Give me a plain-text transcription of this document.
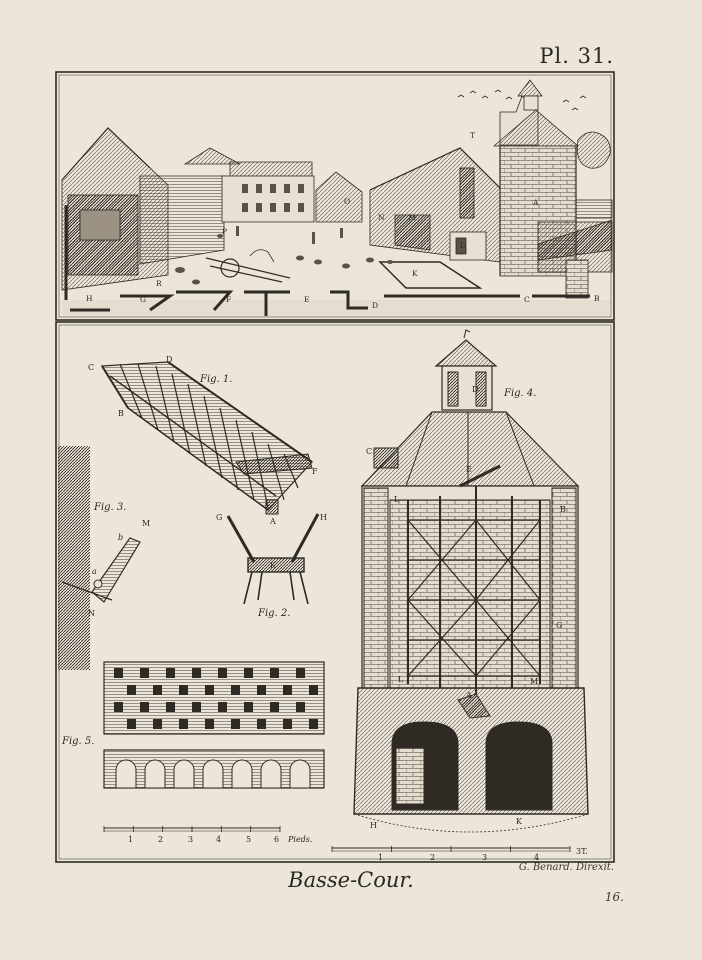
Pl. 31.
T
A
B
C
D
E
F
G
H
K
L
M
N
O
P
R
C
D
B
F
A
Fig. 1.
G	H
K
Fig. 2.
a
b
M
N
Fig. 3.
Fig. 5.
1	2	3	4	5	6 Pieds.
D
C
E
L
L
B
G
M
A
H	K
Fig. 4.
1	2	3	4
3T.
G. Benard. Direxit.
Basse-Cour.
16.
